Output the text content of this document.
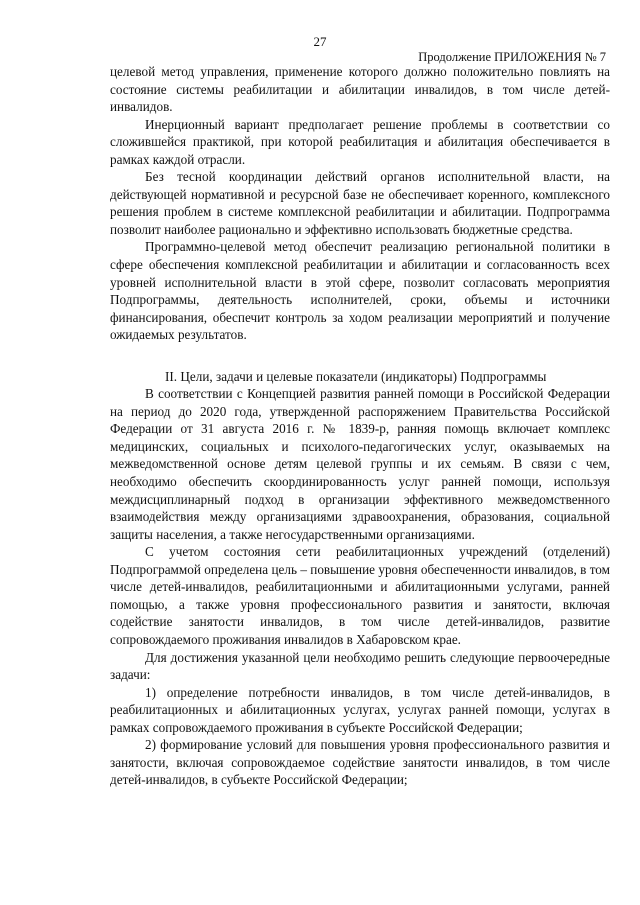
27
Продолжение ПРИЛОЖЕНИЯ № 7

целевой метод управления, применение которого должно положительно повлиять на состояние системы реабилитации и абилитации инвалидов, в том числе детей-инвалидов.

Инерционный вариант предполагает решение проблемы в соответствии со сложившейся практикой, при которой реабилитация и абилитация обеспечивается в рамках каждой отрасли.

Без тесной координации действий органов исполнительной власти, на действующей нормативной и ресурсной базе не обеспечивает коренного, комплексного решения проблем в системе комплексной реабилитации и абилитации. Подпрограмма позволит наиболее рационально и эффективно использовать бюджетные средства.

Программно-целевой метод обеспечит реализацию региональной политики в сфере обеспечения комплексной реабилитации и абилитации и согласованность всех уровней исполнительной власти в этой сфере, позволит согласовать мероприятия Подпрограммы, деятельность исполнителей, сроки, объемы и источники финансирования, обеспечит контроль за ходом реализации мероприятий и получение ожидаемых результатов.

II. Цели, задачи и целевые показатели (индикаторы) Подпрограммы

В соответствии с Концепцией развития ранней помощи в Российской Федерации на период до 2020 года, утвержденной распоряжением Правительства Российской Федерации от 31 августа 2016 г. № 1839-р, ранняя помощь включает комплекс медицинских, социальных и психолого-педагогических услуг, оказываемых на межведомственной основе детям целевой группы и их семьям. В связи с чем, необходимо обеспечить скоординированность услуг ранней помощи, используя междисциплинарный подход в организации эффективного межведомственного взаимодействия между организациями здравоохранения, образования, социальной защиты населения, а также негосударственными организациями.

С учетом состояния сети реабилитационных учреждений (отделений) Подпрограммой определена цель – повышение уровня обеспеченности инвалидов, в том числе детей-инвалидов, реабилитационными и абилитационными услугами, ранней помощью, а также уровня профессионального развития и занятости, включая содействие занятости инвалидов, в том числе детей-инвалидов, развитие сопровождаемого проживания инвалидов в Хабаровском крае.

Для достижения указанной цели необходимо решить следующие первоочередные задачи:

1) определение потребности инвалидов, в том числе детей-инвалидов, в реабилитационных и абилитационных услугах, услугах ранней помощи, услугах в рамках сопровождаемого проживания в субъекте Российской Федерации;

2) формирование условий для повышения уровня профессионального развития и занятости, включая сопровождаемое содействие занятости инвалидов, в том числе детей-инвалидов, в субъекте Российской Федерации;
